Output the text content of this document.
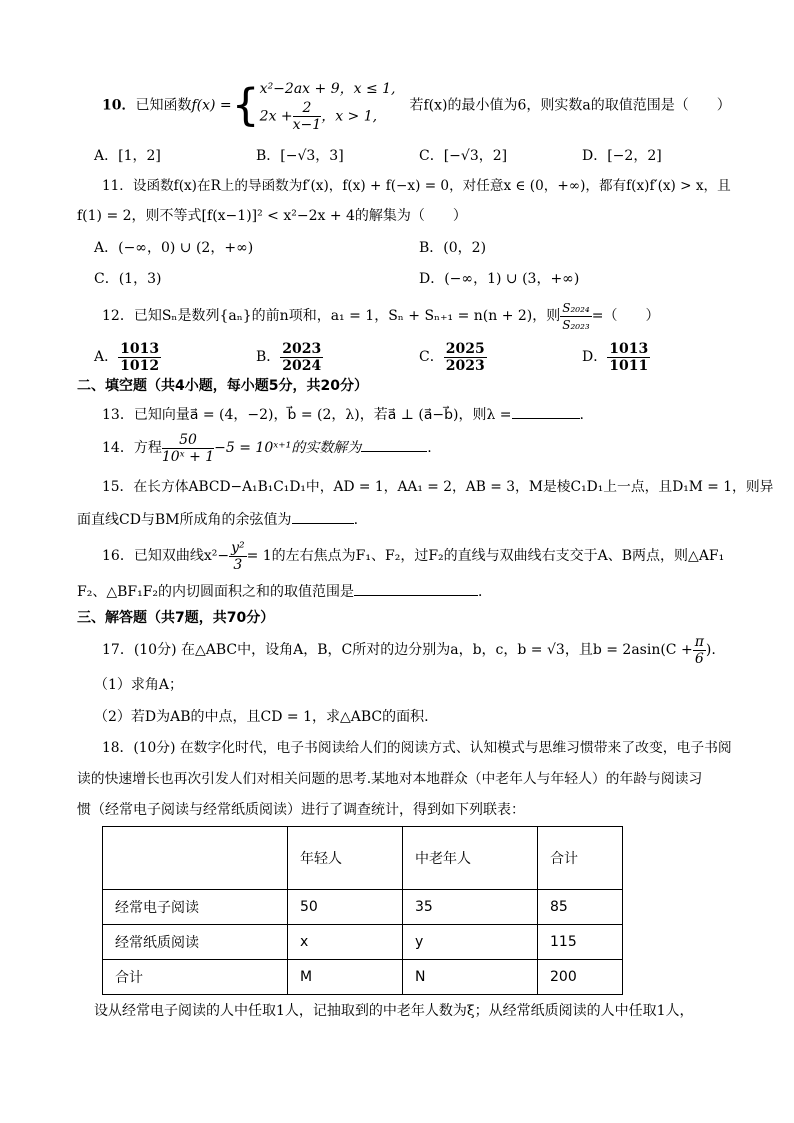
10．已知函数f(x) ={ x²−2ax + 9，x ≤ 1,
$2x + \frac{2}{x-1}$ ，x > 1,
若f(x)的最小值为6，则实数a的取值范围是（　　）
A．[1，2]	B．[−√3，3]	C．[−√3，2]	D．[−2，2]
11．设函数f(x)在R上的导函数为f′(x)，f(x) + f(−x) = 0，对任意x ∈ (0，+∞)，都有f(x)f′(x) > x，且
f(1) = 2，则不等式[f(x−1)]² < x²−2x + 4的解集为（　　）
A．(−∞，0) ∪ (2，+∞)	B．(0，2)
C．(1，3)	D．(−∞，1) ∪ (3，+∞)
12．已知Sₙ是数列{aₙ}的前n项和，a₁ = 1，Sₙ + Sₙ₊₁ = n(n + 2)，则 $\frac{\text{S₂₀₂₄}}{\text{S₂₀₂₃}}$ =（　　）
A． $\frac{1013}{1012}$	B． $\frac{2023}{2024}$	C． $\frac{2025}{2023}$	D． $\frac{1013}{1011}$
二、填空题（共4小题，每小题5分，共20分）
13．已知向量a⃗ = (4，−2)，b⃗ = (2，λ)，若a⃗ ⊥ (a⃗−b⃗)，则λ =	.
14．方程 $\frac{50}{\text{10ˣ + 1}} -5$ = 10ˣ⁺¹的实数解为	.
15．在长方体ABCD−A₁B₁C₁D₁中，AD = 1，AA₁ = 2，AB = 3，M是棱C₁D₁上一点，且D₁M = 1，则异
面直线CD与BM所成角的余弦值为	.
16．已知双曲线$x^2- \frac{\text{y²}}{3} = 1$的左右焦点为F₁、F₂，过F₂的直线与双曲线右支交于A、B两点，则△AF₁
F₂、△BF₁F₂的内切圆面积之和的取值范围是	．
三、解答题（共7题，共70分）
17．(10分) 在△ABC中，设角A，B，C所对的边分别为a，b，c，b = √3，且$b = 2asin(C + \frac{\pi}{6}$ ).
（1）求角A；
（2）若D为AB的中点，且CD = 1，求△ABC的面积.
18．(10分) 在数字化时代，电子书阅读给人们的阅读方式、认知模式与思维习惯带来了改变，电子书阅
读的快速增长也再次引发人们对相关问题的思考.某地对本地群众（中老年人与年轻人）的年龄与阅读习
惯（经常电子阅读与经常纸质阅读）进行了调查统计，得到如下列联表：
	年轻人	中老年人	合计
经常电子阅读	50	35	85
经常纸质阅读	x	y	115
合计	M	N	200
设从经常电子阅读的人中任取1人，记抽取到的中老年人数为ξ；从经常纸质阅读的人中任取1人，
